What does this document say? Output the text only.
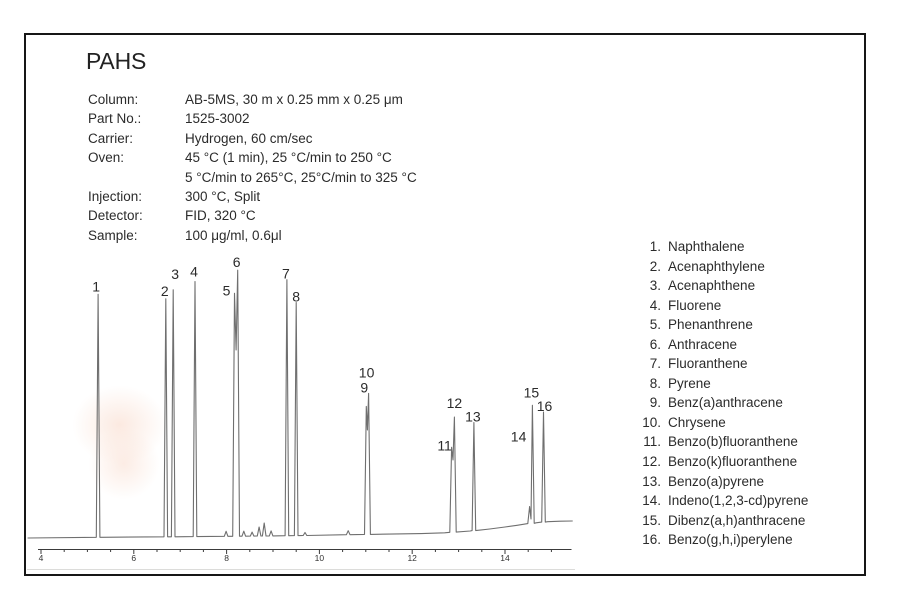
PAHS
Column:	AB-5MS, 30 m x 0.25 mm x 0.25 μm
Part No.:	1525-3002
Carrier:	Hydrogen, 60 cm/sec
Oven:	45 °C (1 min), 25 °C/min to 250 °C
5 °C/min to 265°C, 25°C/min to 325 °C
Injection:	300 °C, Split
Detector:	FID, 320 °C
Sample:	100 μg/ml, 0.6μl
4	6	8	10	12	14
1	2
3 4
5
6
7
8
9
10
11
12
13
14
15
16
1. Naphthalene
2. Acenaphthylene
3. Acenaphthene
4. Fluorene
5. Phenanthrene
6. Anthracene
7. Fluoranthene
8. Pyrene
9. Benz(a)anthracene
10. Chrysene
11. Benzo(b)fluoranthene
12. Benzo(k)fluoranthene
13. Benzo(a)pyrene
14. Indeno(1,2,3-cd)pyrene
15. Dibenz(a,h)anthracene
16. Benzo(g,h,i)perylene
